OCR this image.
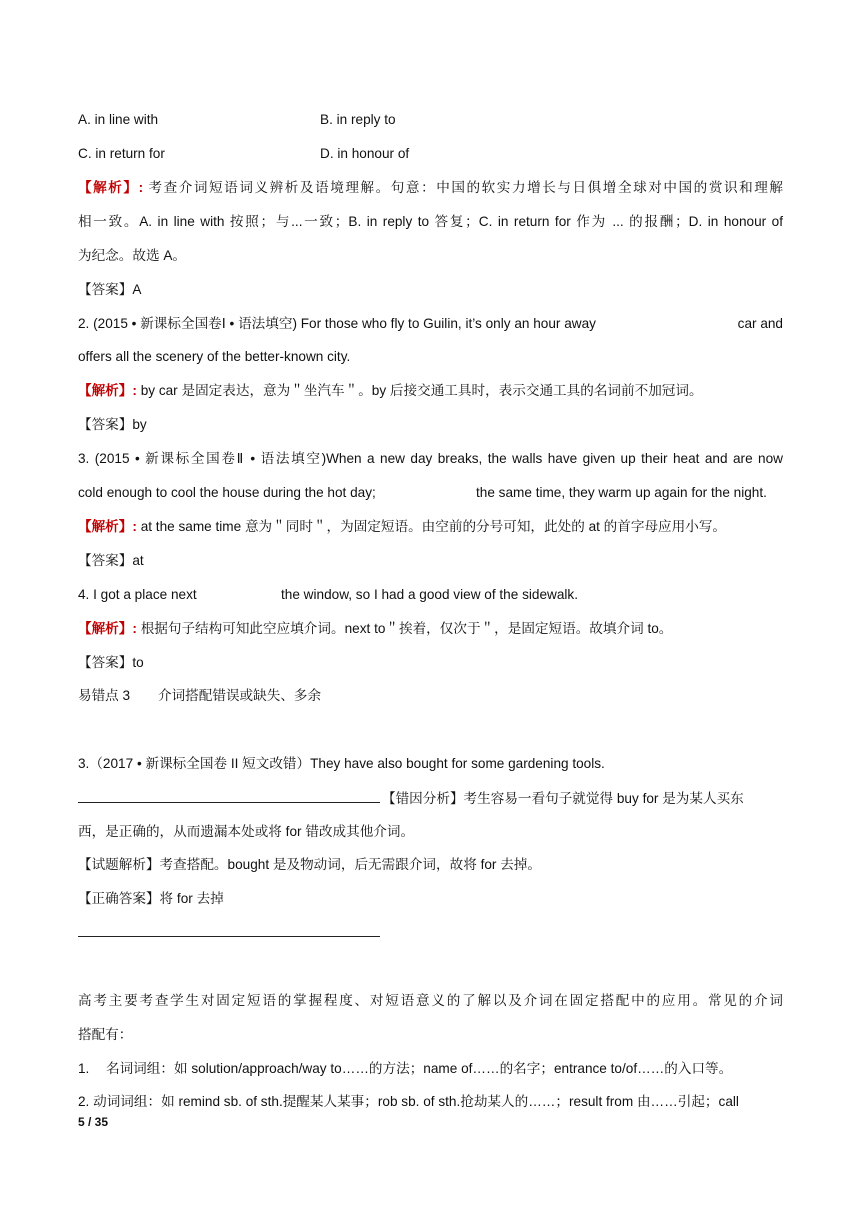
A. in line with	B. in reply to
C. in return for	D. in honour of
【解析】: 考查介词短语词义辨析及语境理解。句意：中国的软实力增长与日俱增全球对中国的赏识和理解
相一致。A. in line with 按照；与...一致；B. in reply to 答复；C. in return for 作为 ... 的报酬；D. in honour of
为纪念。故选 A。
【答案】A
2. (2015 • 新课标全国卷Ⅰ • 语法填空) For those who fly to Guilin, it’s only an hour away	car and
offers all the scenery of the better-known city.
【解析】: by car 是固定表达，意为＂坐汽车＂。by 后接交通工具时，表示交通工具的名词前不加冠词。
【答案】by
3. (2015 • 新课标全国卷Ⅱ • 语法填空)When a new day breaks, the walls have given up their heat and are now
cold enough to cool the house during the hot day;	the same time, they warm up again for the night.
【解析】: at the same time 意为＂同时＂，为固定短语。由空前的分号可知，此处的 at 的首字母应用小写。
【答案】at
4. I got a place next	the window, so I had a good view of the sidewalk.
【解析】: 根据句子结构可知此空应填介词。next to＂挨着，仅次于＂，是固定短语。故填介词 to。
【答案】to
易错点 3 介词搭配错误或缺失、多余
3.（2017 • 新课标全国卷 II 短文改错）They have also bought for some gardening tools.
【错因分析】考生容易一看句子就觉得 buy for 是为某人买东
西，是正确的，从而遗漏本处或将 for 错改成其他介词。
【试题解析】考查搭配。bought 是及物动词，后无需跟介词，故将 for 去掉。
【正确答案】将 for 去掉
高考主要考查学生对固定短语的掌握程度、对短语意义的了解以及介词在固定搭配中的应用。常见的介词
搭配有：
1. 名词词组：如 solution/approach/way to……的方法；name of……的名字；entrance to/of……的入口等。
2. 动词词组：如 remind sb. of sth.提醒某人某事；rob sb. of sth.抢劫某人的……；result from 由……引起；call
5 / 35
